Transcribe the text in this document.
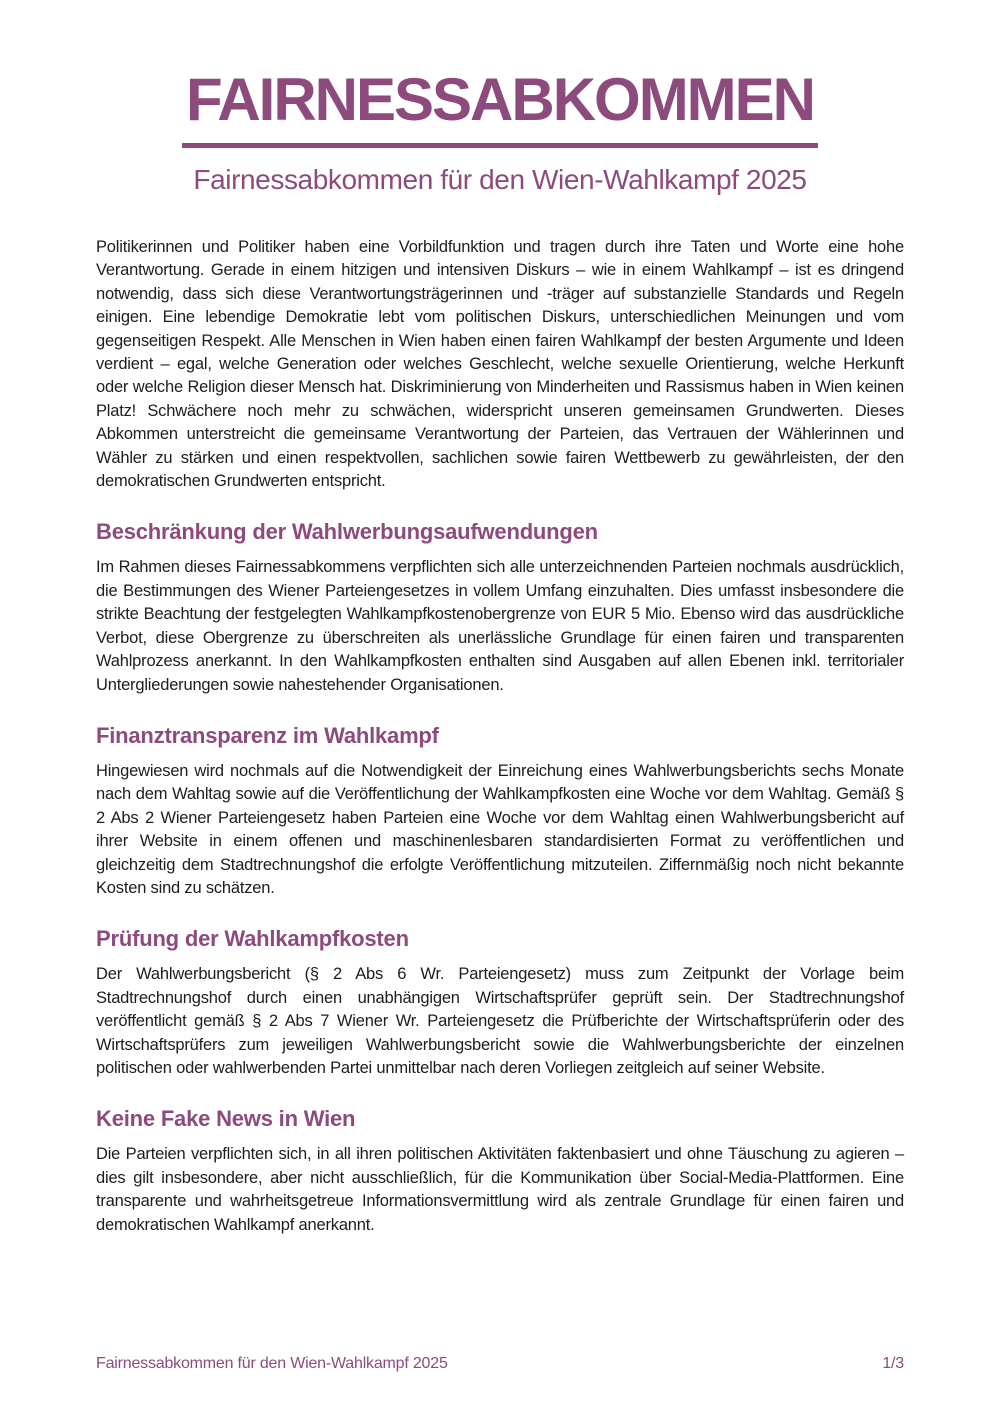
FAIRNESSABKOMMEN
Fairnessabkommen für den Wien-Wahlkampf 2025

Politikerinnen und Politiker haben eine Vorbildfunktion und tragen durch ihre Taten und Worte eine hohe Verantwortung. Gerade in einem hitzigen und intensiven Diskurs – wie in einem Wahlkampf – ist es dringend notwendig, dass sich diese Verantwortungsträgerinnen und -träger auf substanzielle Standards und Regeln einigen. Eine lebendige Demokratie lebt vom politischen Diskurs, unterschiedlichen Meinungen und vom gegenseitigen Respekt. Alle Menschen in Wien haben einen fairen Wahlkampf der besten Argumente und Ideen verdient – egal, welche Generation oder welches Geschlecht, welche sexuelle Orientierung, welche Herkunft oder welche Religion dieser Mensch hat. Diskriminierung von Minderheiten und Rassismus haben in Wien keinen Platz! Schwächere noch mehr zu schwächen, widerspricht unseren gemeinsamen Grundwerten. Dieses Abkommen unterstreicht die gemeinsame Verantwortung der Parteien, das Vertrauen der Wählerinnen und Wähler zu stärken und einen respektvollen, sachlichen sowie fairen Wettbewerb zu gewährleisten, der den demokratischen Grundwerten entspricht.

Beschränkung der Wahlwerbungsaufwendungen

Im Rahmen dieses Fairnessabkommens verpflichten sich alle unterzeichnenden Parteien nochmals ausdrücklich, die Bestimmungen des Wiener Parteiengesetzes in vollem Umfang einzuhalten. Dies umfasst insbesondere die strikte Beachtung der festgelegten Wahlkampfkostenobergrenze von EUR 5 Mio. Ebenso wird das ausdrückliche Verbot, diese Obergrenze zu überschreiten als unerlässliche Grundlage für einen fairen und transparenten Wahlprozess anerkannt. In den Wahlkampfkosten enthalten sind Ausgaben auf allen Ebenen inkl. territorialer Untergliederungen sowie nahestehender Organisationen.

Finanztransparenz im Wahlkampf

Hingewiesen wird nochmals auf die Notwendigkeit der Einreichung eines Wahlwerbungsberichts sechs Monate nach dem Wahltag sowie auf die Veröffentlichung der Wahlkampfkosten eine Woche vor dem Wahltag. Gemäß § 2 Abs 2 Wiener Parteiengesetz haben Parteien eine Woche vor dem Wahltag einen Wahlwerbungsbericht auf ihrer Website in einem offenen und maschinenlesbaren standardisierten Format zu veröffentlichen und gleichzeitig dem Stadtrechnungshof die erfolgte Veröffentlichung mitzuteilen. Ziffernmäßig noch nicht bekannte Kosten sind zu schätzen.

Prüfung der Wahlkampfkosten

Der Wahlwerbungsbericht (§ 2 Abs 6 Wr. Parteiengesetz) muss zum Zeitpunkt der Vorlage beim Stadtrechnungshof durch einen unabhängigen Wirtschaftsprüfer geprüft sein. Der Stadtrechnungshof veröffentlicht gemäß § 2 Abs 7 Wiener Wr. Parteiengesetz die Prüfberichte der Wirtschaftsprüferin oder des Wirtschaftsprüfers zum jeweiligen Wahlwerbungsbericht sowie die Wahlwerbungsberichte der einzelnen politischen oder wahlwerbenden Partei unmittelbar nach deren Vorliegen zeitgleich auf seiner Website.

Keine Fake News in Wien

Die Parteien verpflichten sich, in all ihren politischen Aktivitäten faktenbasiert und ohne Täuschung zu agieren – dies gilt insbesondere, aber nicht ausschließlich, für die Kommunikation über Social-Media-Plattformen. Eine transparente und wahrheitsgetreue Informationsvermittlung wird als zentrale Grundlage für einen fairen und demokratischen Wahlkampf anerkannt.

Fairnessabkommen für den Wien-Wahlkampf 2025	1/3
